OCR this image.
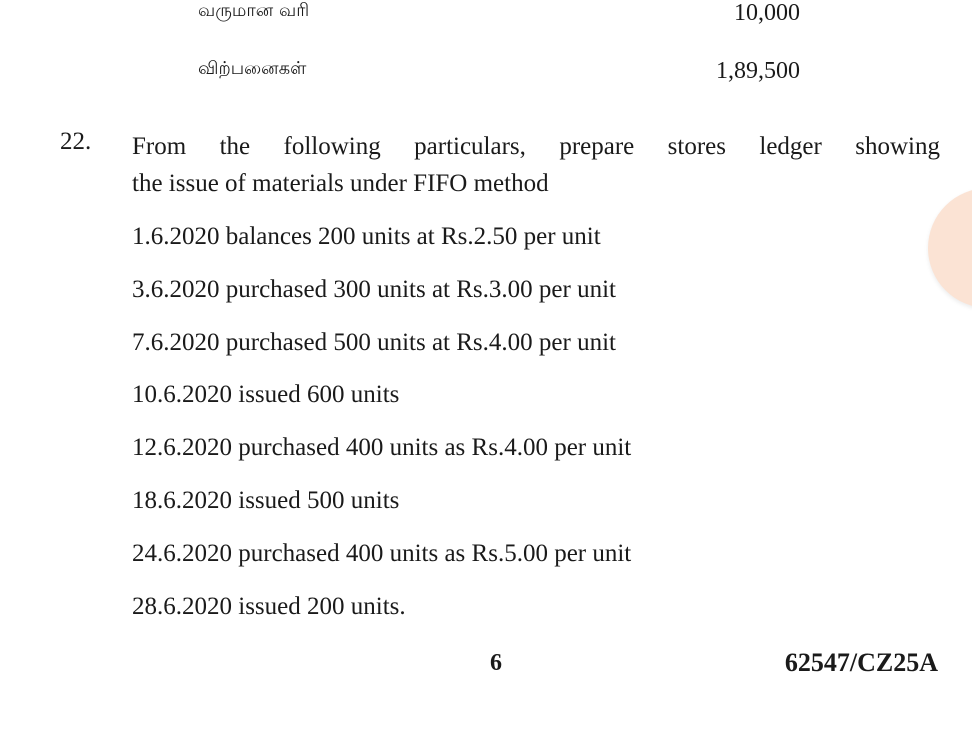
வருமான வரி	10,000
விற்பனைகள்	1,89,500
22. From the following particulars, prepare stores ledger showing
the issue of materials under FIFO method
1.6.2020 balances 200 units at Rs.2.50 per unit
3.6.2020 purchased 300 units at Rs.3.00 per unit
7.6.2020 purchased 500 units at Rs.4.00 per unit
10.6.2020 issued 600 units
12.6.2020 purchased 400 units as Rs.4.00 per unit
18.6.2020 issued 500 units
24.6.2020 purchased 400 units as Rs.5.00 per unit
28.6.2020 issued 200 units.
6	62547/CZ25A
